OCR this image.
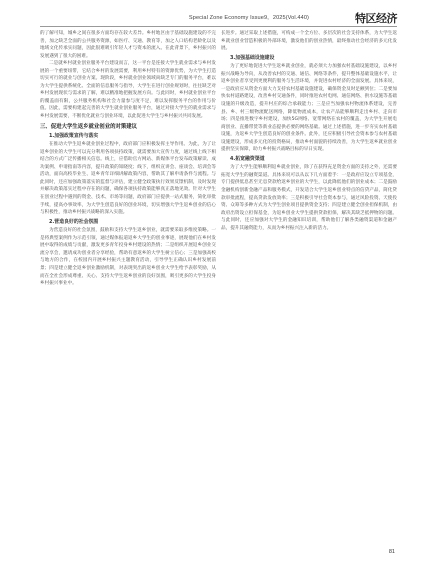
Special Zone Economy Issue9，2025(Vol.440)	特区经济

的了解可知，城乡之间在很多方面均存在较大差异。乡村地区由于基础设施建设的不完善，加之缺乏全面的公共服务资源，如医疗、交通、教育等，加之人口结构老龄化以及地域文化传承实问题，因此很难吸引年轻人才与资本的流入。在此背景下，乡村振兴的发展遇到了很大的困难。

二是就乡村就业创业服务平台建设而言，这一平台是连接大学生就业需求与乡村发展的一个重要纽带，它结合乡村的发展需要，利用乡村特有的资源优势，为大学生打造切实可行的就业与创业方案。现阶段，乡村就业创业领域尚缺乏专门的服务平台，难以为大学生提供系统化、全面的信息服务与指导，大学生在进行创业规划时，往往缺乏对乡村发展现状与需求的了解，难以精准地把握发展方向。与此同时，乡村就业创业平台的覆盖面有限，公共服务机构和社会力量参与度不足，难以发挥服务平台的作用与价值。因此，需要构建起完善的大学生就业创业服务平台，通过对接大学生的就业需求与乡村发展需要，不断优化就业与创业环境，以此促进大学生与乡村振兴共同发展。

三、促进大学生返乡就业创业的对策建议
1.加强政策宣传与落实

在推动大学生返乡就业创业过程中，政府部门应积极发挥主导作用。为此，为了让返乡创业的大学生可以充分利用各项扶持政策，就需要加大宣传力度，通过线上线下相结合的方式广泛传播相关信息。线上，应借助官方网站、新媒体平台发布政策解读、成功案例、申请指南等内容，提升政策的知晓度；线下，组织宣讲会、座谈会、培训会等活动，面向高校毕业生、返乡青年详细讲解政策内容，帮助其了解申请条件与流程。与此同时，还应加强政策落实的监督与评估，建立健全政策执行效果反馈机制，及时发现并解决政策落实过程中存在的问题，确保各项扶持政策能够真正落地见效。针对大学生在创业过程中遇到的资金、技术、市场等问题，政府部门应提供一站式服务，简化审批手续，提高办事效率，为大学生创造良好的创业环境，切实增强大学生返乡创业的信心与积极性，推动乡村振兴战略的深入实施。

2.营造良好的社会氛围

为营造良好的社会氛围，鼓励和支持大学生返乡创业，就需要采取多维度策略。一是将典型案例作为示范引领，通过媒体报道返乡大学生的创业事迹，展现他们在乡村发展中取得的成绩与贡献，激发更多青年投身乡村建设的热情；二是组织开展返乡创业交流分享会，邀请成功创业者分享经验，帮助有意返乡的大学生树立信心；三是加强高校与地方的合作，在校园内开展乡村振兴主题教育活动，引导学生正确认识乡村发展前景；四是建立健全返乡创业激励机制，对表现突出的返乡创业大学生给予表彰奖励，从而在全社会形成尊重、关心、支持大学生返乡创业的良好氛围，吸引更多的大学生投身乡村振兴事业中。

长进步。通过采取上述措施，可构成一个全方位、多层次的社会支持体系，为大学生返乡就业创业营造积极的外部环境，激发他们的创业热情，最终推动社会经济的多元化发展。

3.加强基础设施建设

为了更好地促进大学生返乡就业创业，就必须大力加强农村基础设施建设，以乡村振兴战略为导向，从改善农村的交通、通信、网络等条件，提升整体基础设施水平，让返乡创业者享受到更便利的服务与生活环境，并促进农村经济的全面发展。具体来说，一是政府应从资金方面大力支持农村基础设施建设，确保资金及时足额到位；二是要加快农村道路建设，改善乡村交通条件，同时推进农村电网、通信网络、供水设施等基础设施的升级改造，提升村庄的综合承载能力；三是应当加强农村物流体系建设，完善县、乡、村三级物流配送网络，降低物流成本，让农产品能够顺利走出乡村、走向市场；四是推进数字乡村建设，加快5G网络、宽带网络在农村的覆盖，为大学生开展电商创业、直播带货等新业态提供必要的网络基础。通过上述措施，进一步夯实农村基础设施，为返乡大学生创造良好的创业条件。此外，还应积极引导社会资本参与农村基础设施建设，形成多元化的投资格局，推动乡村面貌的持续改善，为大学生返乡就业创业提供坚实保障，助力乡村振兴战略目标的早日实现。

4.拓宽融资渠道

为了大学生能够顺利返乡就业创业，除了在获得充足资金方面的支持之外，还需要拓宽大学生的融资渠道。具体来说可以从以下几方面着手：一是政府应设立专项基金，专门提供低息甚至无息贷款给返乡创业的大学生，以此降低他们的创业成本；二是鼓励金融机构创新金融产品和服务模式，开发适合大学生返乡创业特点的信贷产品，简化贷款审批流程，提高贷款发放效率；三是积极引导社会资本参与，通过风险投资、天使投资、众筹等多种方式为大学生创业项目提供资金支持；四是建立健全创业担保机制，由政府出资设立担保基金，为返乡创业大学生提供贷款担保，解决其缺乏抵押物的问题。与此同时，还应加强对大学生的金融知识培训，帮助他们了解各类融资渠道和金融产品，提升其融资能力，从而为乡村振兴注入新的活力。

81
